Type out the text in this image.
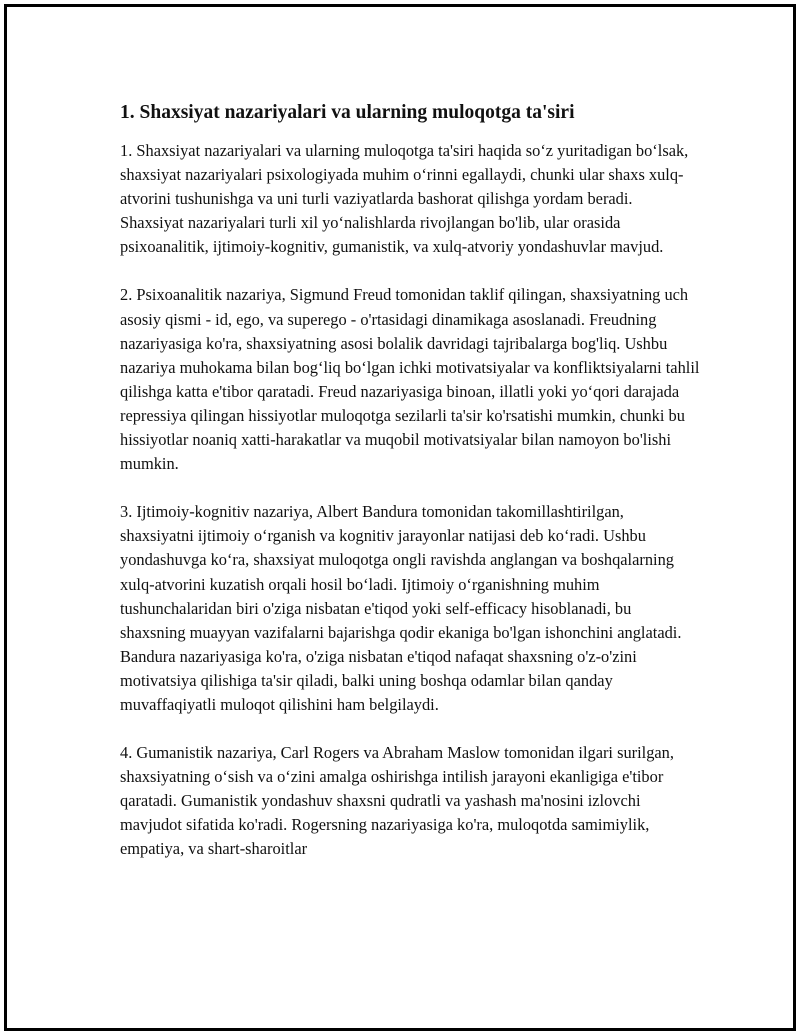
1. Shaxsiyat nazariyalari va ularning muloqotga ta'siri

1. Shaxsiyat nazariyalari va ularning muloqotga ta'siri haqida so‘z yuritadigan bo‘lsak, shaxsiyat nazariyalari psixologiyada muhim o‘rinni egallaydi, chunki ular shaxs xulq-atvorini tushunishga va uni turli vaziyatlarda bashorat qilishga yordam beradi. Shaxsiyat nazariyalari turli xil yo‘nalishlarda rivojlangan bo'lib, ular orasida psixoanalitik, ijtimoiy-kognitiv, gumanistik, va xulq-atvoriy yondashuvlar mavjud.

2. Psixoanalitik nazariya, Sigmund Freud tomonidan taklif qilingan, shaxsiyatning uch asosiy qismi - id, ego, va superego - o'rtasidagi dinamikaga asoslanadi. Freudning nazariyasiga ko'ra, shaxsiyatning asosi bolalik davridagi tajribalarga bog'liq. Ushbu nazariya muhokama bilan bog‘liq bo‘lgan ichki motivatsiyalar va konfliktsiyalarni tahlil qilishga katta e'tibor qaratadi. Freud nazariyasiga binoan, illatli yoki yo‘qori darajada repressiya qilingan hissiyotlar muloqotga sezilarli ta'sir ko'rsatishi mumkin, chunki bu hissiyotlar noaniq xatti-harakatlar va muqobil motivatsiyalar bilan namoyon bo'lishi mumkin.

3. Ijtimoiy-kognitiv nazariya, Albert Bandura tomonidan takomillashtirilgan, shaxsiyatni ijtimoiy o‘rganish va kognitiv jarayonlar natijasi deb ko‘radi. Ushbu yondashuvga ko‘ra, shaxsiyat muloqotga ongli ravishda anglangan va boshqalarning xulq-atvorini kuzatish orqali hosil bo‘ladi. Ijtimoiy o‘rganishning muhim tushunchalaridan biri o'ziga nisbatan e'tiqod yoki self-efficacy hisoblanadi, bu shaxsning muayyan vazifalarni bajarishga qodir ekaniga bo'lgan ishonchini anglatadi. Bandura nazariyasiga ko'ra, o'ziga nisbatan e'tiqod nafaqat shaxsning o'z-o'zini motivatsiya qilishiga ta'sir qiladi, balki uning boshqa odamlar bilan qanday muvaffaqiyatli muloqot qilishini ham belgilaydi.

4. Gumanistik nazariya, Carl Rogers va Abraham Maslow tomonidan ilgari surilgan, shaxsiyatning o‘sish va o‘zini amalga oshirishga intilish jarayoni ekanligiga e'tibor qaratadi. Gumanistik yondashuv shaxsni qudratli va yashash ma'nosini izlovchi mavjudot sifatida ko'radi. Rogersning nazariyasiga ko'ra, muloqotda samimiylik, empatiya, va shart-sharoitlar
